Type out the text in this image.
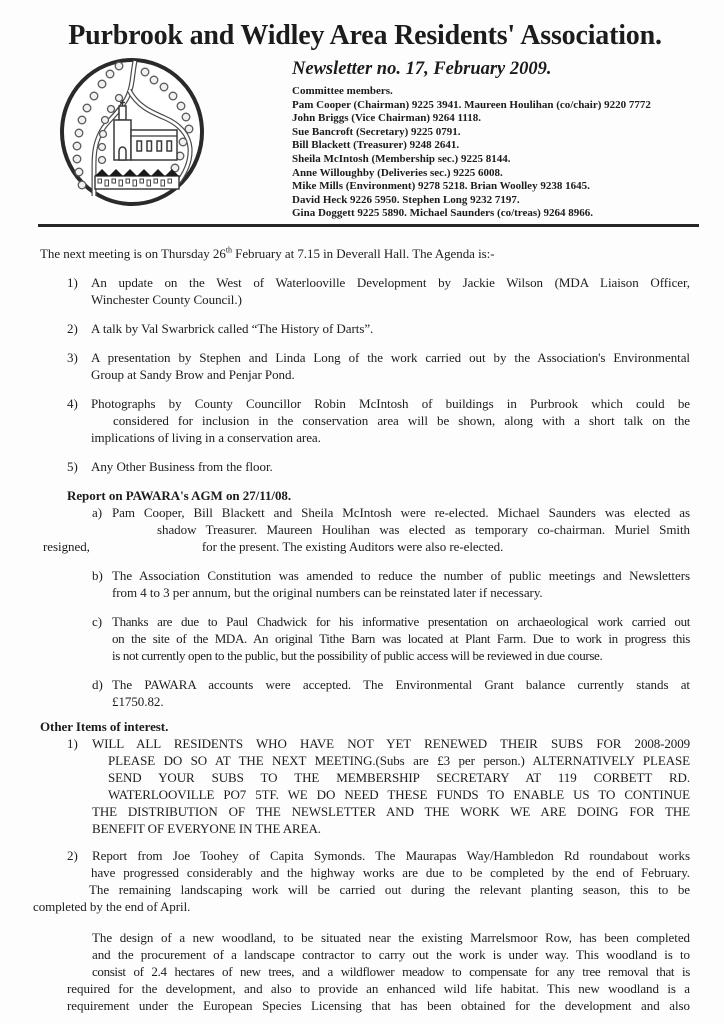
Purbrook and Widley Area Residents' Association.
Newsletter no. 17, February 2009.
Committee members.
Pam Cooper (Chairman) 9225 3941. Maureen Houlihan (co/chair) 9220 7772
John Briggs (Vice Chairman) 9264 1118.
Sue Bancroft (Secretary) 9225 0791.
Bill Blackett (Treasurer) 9248 2641.
Sheila McIntosh (Membership sec.) 9225 8144.
Anne Willoughby (Deliveries sec.) 9225 6008.
Mike Mills (Environment) 9278 5218. Brian Woolley 9238 1645.
David Heck 9226 5950. Stephen Long 9232 7197.
Gina Doggett 9225 5890. Michael Saunders (co/treas) 9264 8966.
The next meeting is on Thursday 26th February at 7.15 in Deverall Hall. The Agenda is:-
1) An update on the West of Waterlooville Development by Jackie Wilson (MDA Liaison Officer,
Winchester County Council.)
2) A talk by Val Swarbrick called “The History of Darts”.
3) A presentation by Stephen and Linda Long of the work carried out by the Association's Environmental
Group at Sandy Brow and Penjar Pond.
4) Photographs by County Councillor Robin McIntosh of buildings in Purbrook which could be
considered for inclusion in the conservation area will be shown, along with a short talk on the
implications of living in a conservation area.
5) Any Other Business from the floor.
Report on PAWARA's AGM on 27/11/08.
a) Pam Cooper, Bill Blackett and Sheila McIntosh were re-elected. Michael Saunders was elected as
shadow Treasurer. Maureen Houlihan was elected as temporary co-chairman. Muriel Smith
resigned,	for the present. The existing Auditors were also re-elected.
b) The Association Constitution was amended to reduce the number of public meetings and Newsletters
from 4 to 3 per annum, but the original numbers can be reinstated later if necessary.
c) Thanks are due to Paul Chadwick for his informative presentation on archaeological work carried out
on the site of the MDA. An original Tithe Barn was located at Plant Farm. Due to work in progress this
is not currently open to the public, but the possibility of public access will be reviewed in due course.
d) The PAWARA accounts were accepted. The Environmental Grant balance currently stands at
£1750.82.
Other Items of interest.
1) WILL ALL RESIDENTS WHO HAVE NOT YET RENEWED THEIR SUBS FOR 2008-2009
PLEASE DO SO AT THE NEXT MEETING.(Subs are £3 per person.) ALTERNATIVELY PLEASE
SEND YOUR SUBS TO THE MEMBERSHIP SECRETARY AT 119 CORBETT RD.
WATERLOOVILLE PO7 5TF. WE DO NEED THESE FUNDS TO ENABLE US TO CONTINUE
THE DISTRIBUTION OF THE NEWSLETTER AND THE WORK WE ARE DOING FOR THE
BENEFIT OF EVERYONE IN THE AREA.
2) Report from Joe Toohey of Capita Symonds. The Maurapas Way/Hambledon Rd roundabout works
have progressed considerably and the highway works are due to be completed by the end of February.
The remaining landscaping work will be carried out during the relevant planting season, this to be
completed by the end of April.
The design of a new woodland, to be situated near the existing Marrelsmoor Row, has been completed
and the procurement of a landscape contractor to carry out the work is under way. This woodland is to
consist of 2.4 hectares of new trees, and a wildflower meadow to compensate for any tree removal that is
required for the development, and also to provide an enhanced wild life habitat. This new woodland is a
requirement under the European Species Licensing that has been obtained for the development and also
